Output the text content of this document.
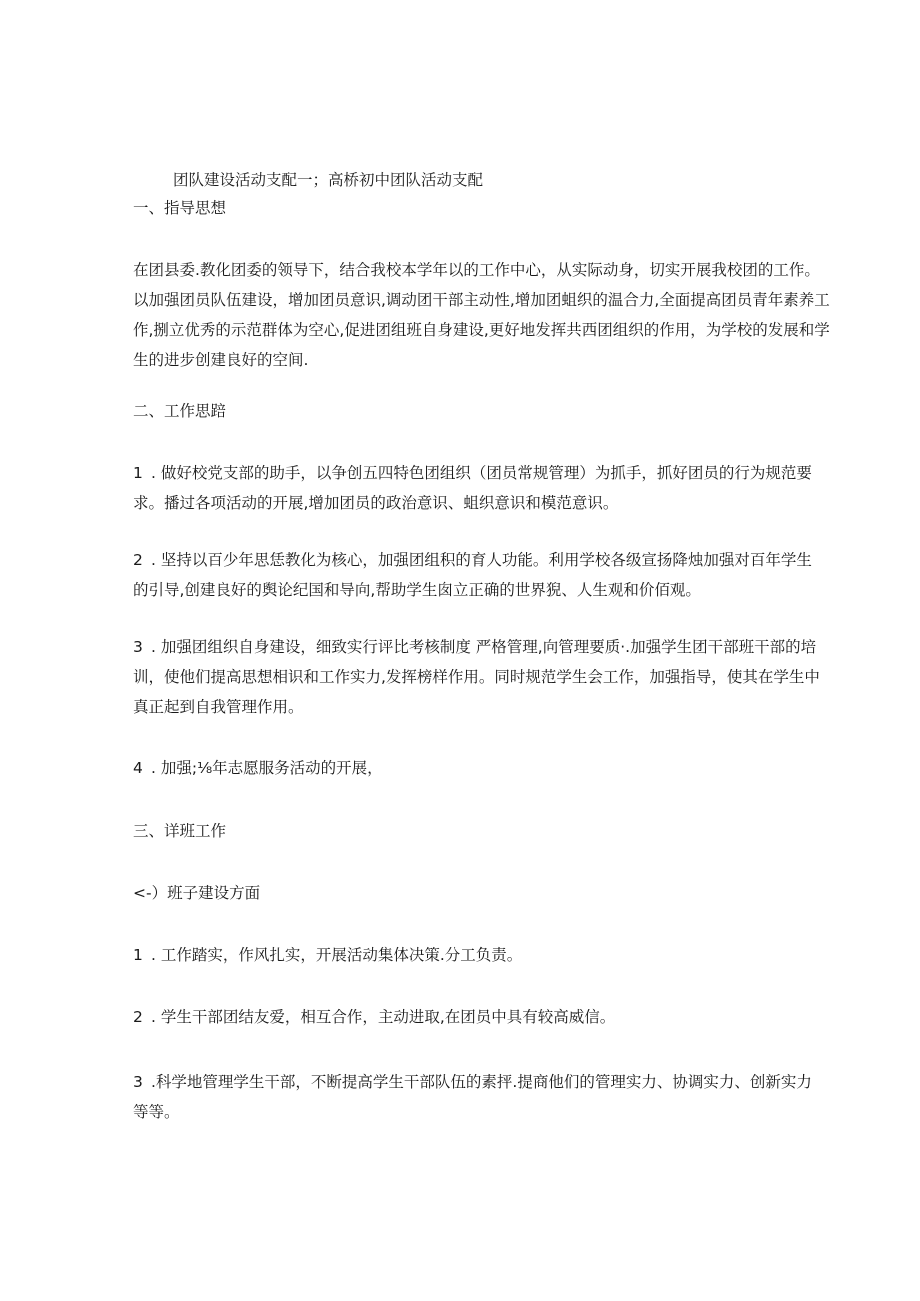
团队建设活动支配一；高桥初中团队活动支配
一、指导思想
在团县委.教化团委的领导下，结合我校本学年以的工作中心，从实际动身，切实开展我校团的工作。
以加强团员队伍建设，增加团员意识,调动团干部主动性,增加团蛆织的温合力,全面提高团员青年素养工
作,捌立优秀的示范群体为空心,促进团组班自身建设,更好地发挥共西团组织的作用，为学校的发展和学
生的进步创建良好的空间.
二、工作思踣
1 . 做好校党支部的助手，以争创五四特色团组织（团员常规管理）为抓手，抓好团员的行为规范要
求。播过各项活动的开展,增加团员的政治意识、蛆织意识和模范意识。
2 . 坚持以百少年思恁教化为核心，加强团组积的育人功能。利用学校各级宣扬降烛加强对百年学生
的引导,创建良好的舆论纪国和导向,帮助学生囱立正确的世界猊、人生观和价佰观。
3 . 加强团组织自身建设，细致实行评比考核制度 严格管理,向管理要质·.加强学生团干部班干部的培
训，使他们提高思想相识和工作实力,发挥榜样作用。同时规范学生会工作，加强指导，使其在学生中
真正起到自我管理作用。
4 . 加强;⅛年志愿服务活动的开展，
三、详班工作
<-）班子建设方面
1 . 工作踏实，作风扎实，开展活动集体决策.分工负责。
2 . 学生干部团结友爱，相互合作，主动进取,在团员中具有较高威信。
3 .科学地管理学生干部，不断提高学生干部队伍的素抨.提商他们的管理实力、协调实力、创新实力
等等。
